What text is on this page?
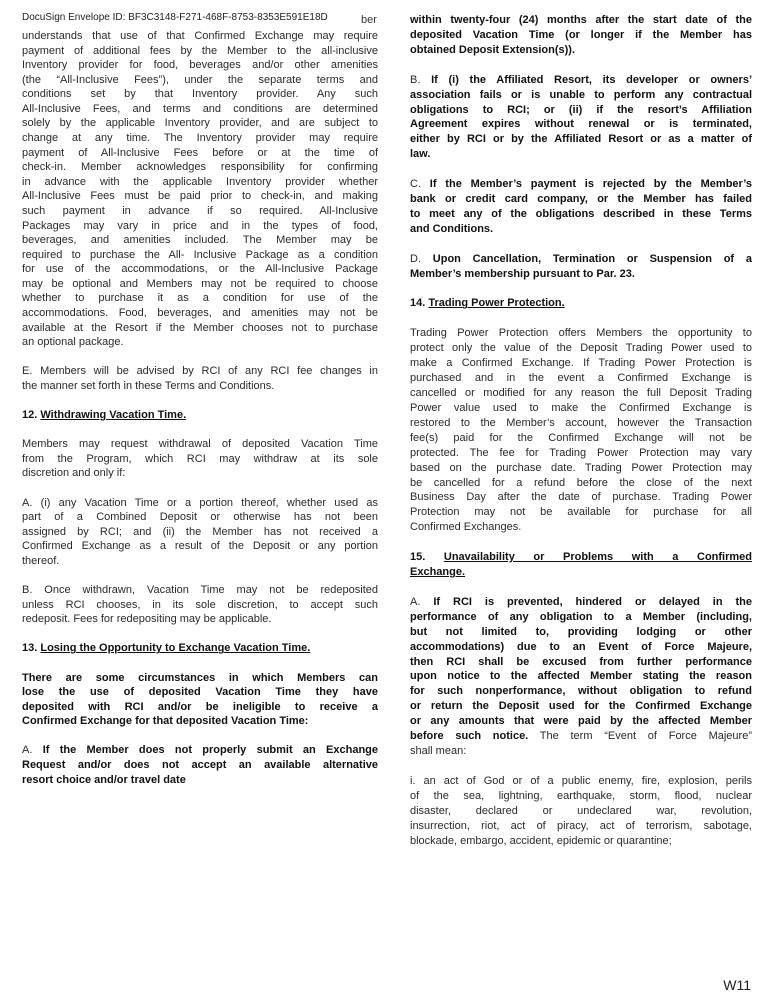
DocuSign Envelope ID: BF3C3148-F271-468F-8753-8353E591E18D	ber
understands that use of that Confirmed Exchange may require
payment of additional fees by the Member to the all-inclusive
Inventory provider for food, beverages and/or other amenities
(the “All-Inclusive Fees”), under the separate terms and
conditions set by that Inventory provider. Any such
All-Inclusive Fees, and terms and conditions are determined
solely by the applicable Inventory provider, and are subject to
change at any time. The Inventory provider may require
payment of All-Inclusive Fees before or at the time of
check-in. Member acknowledges responsibility for confirming
in advance with the applicable Inventory provider whether
All-Inclusive Fees must be paid prior to check-in, and making
such payment in advance if so required. All-Inclusive
Packages may vary in price and in the types of food,
beverages, and amenities included. The Member may be
required to purchase the All- Inclusive Package as a condition
for use of the accommodations, or the All-Inclusive Package
may be optional and Members may not be required to choose
whether to purchase it as a condition for use of the
accommodations. Food, beverages, and amenities may not be
available at the Resort if the Member chooses not to purchase
an optional package.
E. Members will be advised by RCI of any RCI fee changes in
the manner set forth in these Terms and Conditions.
12. Withdrawing Vacation Time.
Members may request withdrawal of deposited Vacation Time
from the Program, which RCI may withdraw at its sole
discretion and only if:
A. (i) any Vacation Time or a portion thereof, whether used as
part of a Combined Deposit or otherwise has not been
assigned by RCI; and (ii) the Member has not received a
Confirmed Exchange as a result of the Deposit or any portion
thereof.
B. Once withdrawn, Vacation Time may not be redeposited
unless RCI chooses, in its sole discretion, to accept such
redeposit. Fees for redepositing may be applicable.
13. Losing the Opportunity to Exchange Vacation Time.
There are some circumstances in which Members can
lose the use of deposited Vacation Time they have
deposited with RCI and/or be ineligible to receive a
Confirmed Exchange for that deposited Vacation Time:
A. If the Member does not properly submit an Exchange
Request and/or does not accept an available alternative
resort choice and/or travel date
within twenty-four (24) months after the start date of the
deposited Vacation Time (or longer if the Member has
obtained Deposit Extension(s)).
B. If (i) the Affiliated Resort, its developer or owners’
association fails or is unable to perform any contractual
obligations to RCI; or (ii) if the resort’s Affiliation
Agreement expires without renewal or is terminated,
either by RCI or by the Affiliated Resort or as a matter of
law.
C. If the Member’s payment is rejected by the Member’s
bank or credit card company, or the Member has failed
to meet any of the obligations described in these Terms
and Conditions.
D. Upon Cancellation, Termination or Suspension of a
Member’s membership pursuant to Par. 23.
14. Trading Power Protection.
Trading Power Protection offers Members the opportunity to
protect only the value of the Deposit Trading Power used to
make a Confirmed Exchange. If Trading Power Protection is
purchased and in the event a Confirmed Exchange is
cancelled or modified for any reason the full Deposit Trading
Power value used to make the Confirmed Exchange is
restored to the Member’s account, however the Transaction
fee(s) paid for the Confirmed Exchange will not be
protected. The fee for Trading Power Protection may vary
based on the purchase date. Trading Power Protection may
be cancelled for a refund before the close of the next
Business Day after the date of purchase. Trading Power
Protection may not be available for purchase for all
Confirmed Exchanges.
15. Unavailability or Problems with a Confirmed
Exchange.
A. If RCI is prevented, hindered or delayed in the
performance of any obligation to a Member (including,
but not limited to, providing lodging or other
accommodations) due to an Event of Force Majeure,
then RCI shall be excused from further performance
upon notice to the affected Member stating the reason
for such nonperformance, without obligation to refund
or return the Deposit used for the Confirmed Exchange
or any amounts that were paid by the affected Member
before such notice. The term “Event of Force Majeure”
shall mean:
i. an act of God or of a public enemy, fire, explosion, perils
of the sea, lightning, earthquake, storm, flood, nuclear
disaster, declared or undeclared war, revolution,
insurrection, riot, act of piracy, act of terrorism, sabotage,
blockade, embargo, accident, epidemic or quarantine;
W11
